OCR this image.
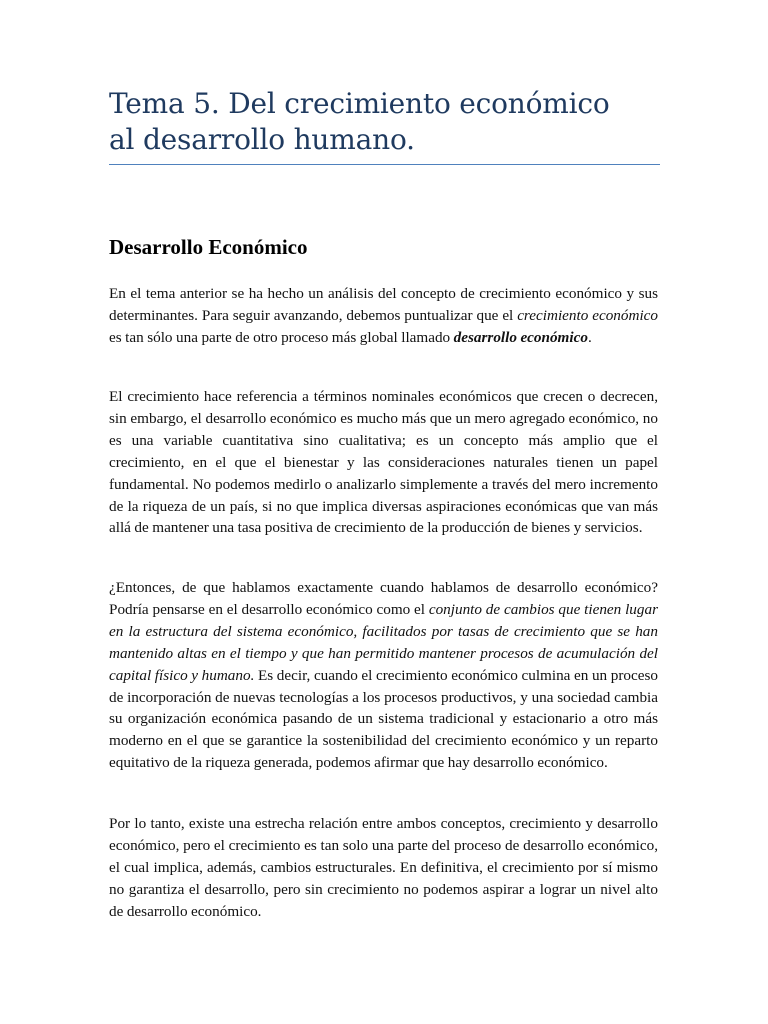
Tema 5. Del crecimiento económico
al desarrollo humano.
Desarrollo Económico

En el tema anterior se ha hecho un análisis del concepto de crecimiento económico y sus determinantes. Para seguir avanzando, debemos puntualizar que el crecimiento económico es tan sólo una parte de otro proceso más global llamado desarrollo económico.

El crecimiento hace referencia a términos nominales económicos que crecen o decrecen, sin embargo, el desarrollo económico es mucho más que un mero agregado económico, no es una variable cuantitativa sino cualitativa; es un concepto más amplio que el crecimiento, en el que el bienestar y las consideraciones naturales tienen un papel fundamental. No podemos medirlo o analizarlo simplemente a través del mero incremento de la riqueza de un país, si no que implica diversas aspiraciones económicas que van más allá de mantener una tasa positiva de crecimiento de la producción de bienes y servicios.

¿Entonces, de que hablamos exactamente cuando hablamos de desarrollo económico? Podría pensarse en el desarrollo económico como el conjunto de cambios que tienen lugar en la estructura del sistema económico, facilitados por tasas de crecimiento que se han mantenido altas en el tiempo y que han permitido mantener procesos de acumulación del capital físico y humano. Es decir, cuando el crecimiento económico culmina en un proceso de incorporación de nuevas tecnologías a los procesos productivos, y una sociedad cambia su organización económica pasando de un sistema tradicional y estacionario a otro más moderno en el que se garantice la sostenibilidad del crecimiento económico y un reparto equitativo de la riqueza generada, podemos afirmar que hay desarrollo económico.

Por lo tanto, existe una estrecha relación entre ambos conceptos, crecimiento y desarrollo económico, pero el crecimiento es tan solo una parte del proceso de desarrollo económico, el cual implica, además, cambios estructurales. En definitiva, el crecimiento por sí mismo no garantiza el desarrollo, pero sin crecimiento no podemos aspirar a lograr un nivel alto de desarrollo económico.
